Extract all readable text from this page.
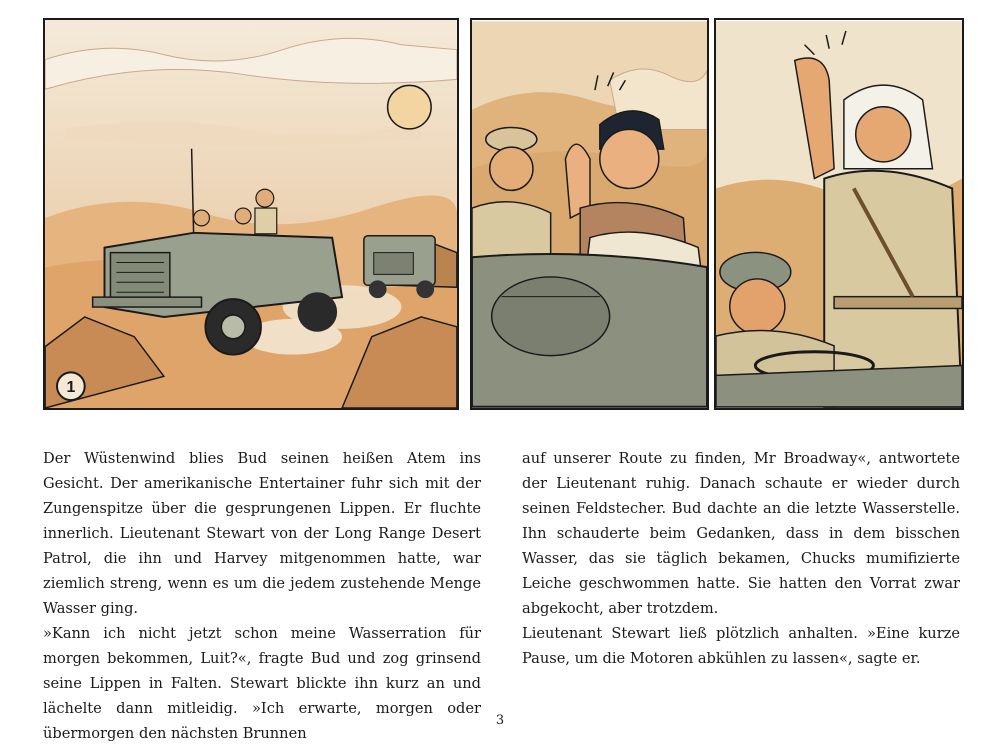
1

Der Wüstenwind blies Bud seinen heißen Atem ins Gesicht. Der amerikanische Entertainer fuhr sich mit der Zungenspitze über die gesprungenen Lippen. Er fluchte innerlich. Lieutenant Stewart von der Long Range Desert Patrol, die ihn und Harvey mitgenommen hatte, war ziemlich streng, wenn es um die jedem zustehende Menge Wasser ging.

»Kann ich nicht jetzt schon meine Wasserration für morgen bekommen, Luit?«, fragte Bud und zog grinsend seine Lippen in Falten. Stewart blickte ihn kurz an und lächelte dann mitleidig. »Ich erwarte, morgen oder übermorgen den nächsten Brunnen

auf unserer Route zu finden, Mr Broadway«, antwortete der Lieutenant ruhig. Danach schaute er wieder durch seinen Feldstecher. Bud dachte an die letzte Wasserstelle. Ihn schauderte beim Gedanken, dass in dem bisschen Wasser, das sie täglich bekamen, Chucks mumifizierte Leiche geschwommen hatte. Sie hatten den Vorrat zwar abgekocht, aber trotzdem.

Lieutenant Stewart ließ plötzlich anhalten. »Eine kurze Pause, um die Motoren abkühlen zu lassen«, sagte er.

3
